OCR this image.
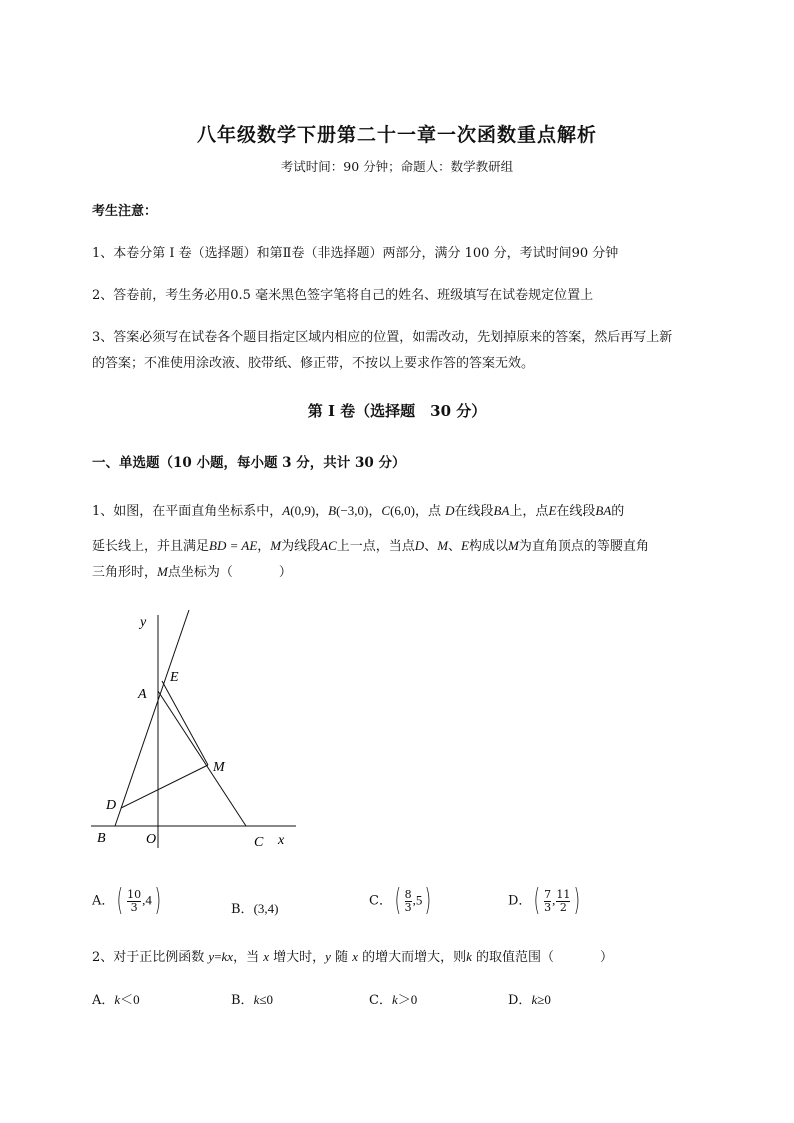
八年级数学下册第二十一章一次函数重点解析
考试时间：90 分钟；命题人：数学教研组
考生注意：
1、本卷分第 I 卷（选择题）和第Ⅱ卷（非选择题）两部分，满分 100 分，考试时间90 分钟
2、答卷前，考生务必用0.5 毫米黑色签字笔将自己的姓名、班级填写在试卷规定位置上
3、答案必须写在试卷各个题目指定区域内相应的位置，如需改动，先划掉原来的答案，然后再写上新
的答案；不准使用涂改液、胶带纸、修正带，不按以上要求作答的答案无效。
第 I 卷（选择题　30 分）
一、单选题（10 小题，每小题 3 分，共计 30 分）
1、如图，在平面直角坐标系中，A(0,9)，B(−3,0)，C(6,0)，点 D在线段BA上，点E在线段BA的
延长线上，并且满足BD = AE，M为线段AC上一点，当点D、M、E构成以M为直角顶点的等腰直角
三角形时，M点坐标为（	）
y
x
A
E
M
D
B	O	C
A．( $\frac{10}{3} ,4$)	B．(3,4)	C．( $\frac{8}{3} ,5$)	D．( $\frac{7}{3}$ , $\frac{11}{2}$ )
2、对于正比例函数 y=kx，当 x 增大时，y 随 x 的增大而增大，则k 的取值范围（	）
A．k＜0	B．k≤0	C．k＞0	D．k≥0
